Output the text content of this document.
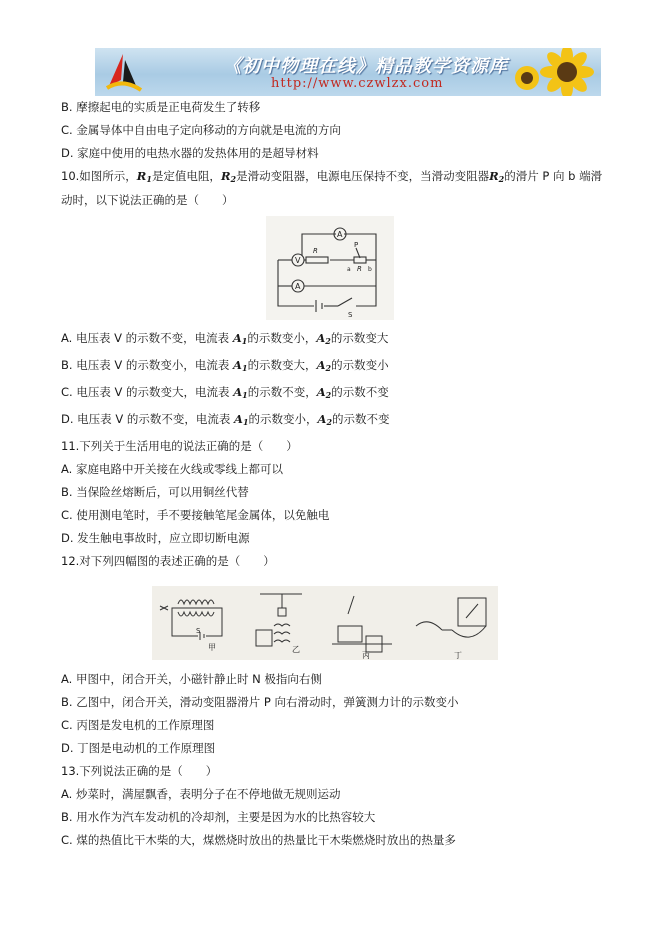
《初中物理在线》精品教学资源库
http://www.czwlzx.com
B. 摩擦起电的实质是正电荷发生了转移
C. 金属导体中自由电子定向移动的方向就是电流的方向
D. 家庭中使用的电热水器的发热体用的是超导材料
10.如图所示，$R_1$是定值电阻，$R_2$是滑动变阻器，电源电压保持不变，当滑动变阻器$R_2$的滑片 P 向 b 端滑
动时，以下说法正确的是（　　）
A
V
A
R
P
a R b
S
A. 电压表 V 的示数不变，电流表 $A_1$的示数变小，$A_2$的示数变大
B. 电压表 V 的示数变小，电流表 $A_1$的示数变大，$A_2$的示数变小
C. 电压表 V 的示数变大，电流表 $A_1$的示数不变，$A_2$的示数不变
D. 电压表 V 的示数不变，电流表 $A_1$的示数变小，$A_2$的示数不变
11.下列关于生活用电的说法正确的是（　　）
A. 家庭电路中开关接在火线或零线上都可以
B. 当保险丝熔断后，可以用铜丝代替
C. 使用测电笔时，手不要接触笔尾金属体，以免触电
D. 发生触电事故时，应立即切断电源
12.对下列四幅图的表述正确的是（　　）
甲
S
乙
丙	丁
A. 甲图中，闭合开关，小磁针静止时 N 极指向右侧
B. 乙图中，闭合开关，滑动变阻器滑片 P 向右滑动时，弹簧测力计的示数变小
C. 丙图是发电机的工作原理图
D. 丁图是电动机的工作原理图
13.下列说法正确的是（　　）
A. 炒菜时，满屋飘香，表明分子在不停地做无规则运动
B. 用水作为汽车发动机的冷却剂，主要是因为水的比热容较大
C. 煤的热值比干木柴的大，煤燃烧时放出的热量比干木柴燃烧时放出的热量多
